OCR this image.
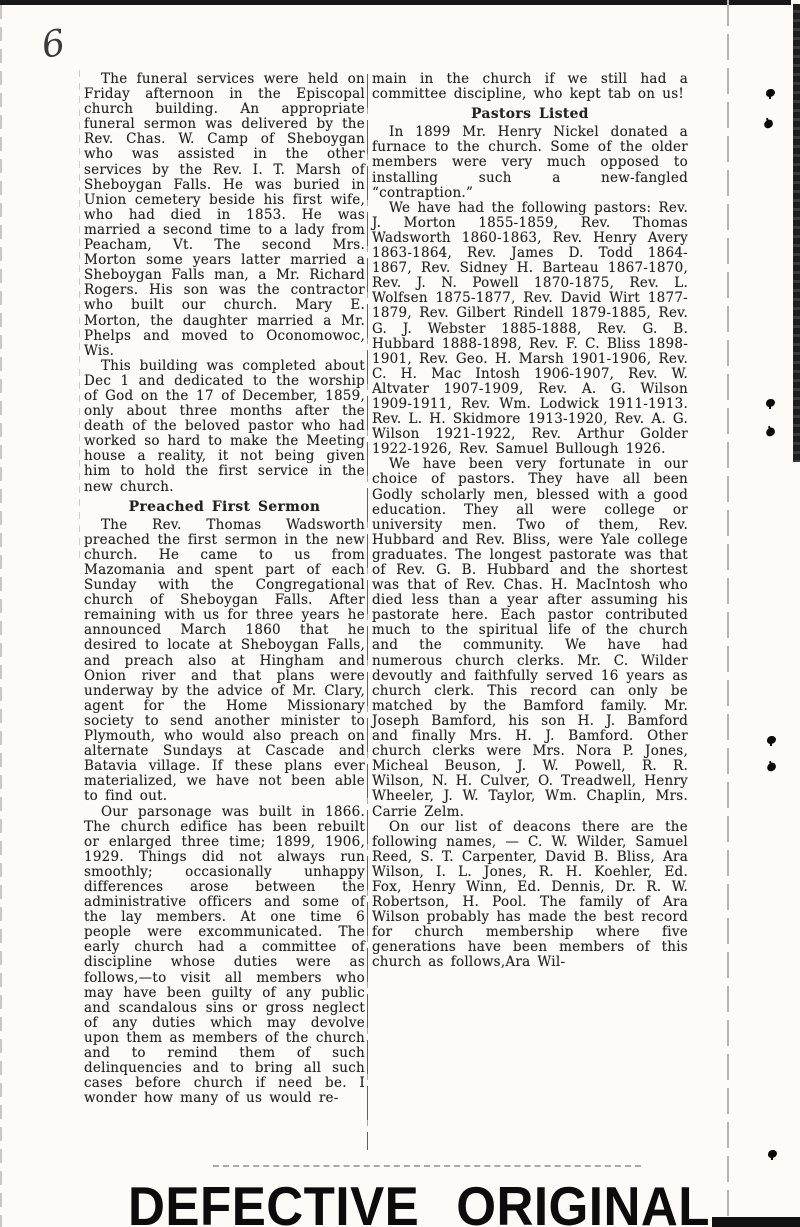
6

The funeral services were held on Friday afternoon in the Episcopal church building. An appropriate funeral sermon was delivered by the Rev. Chas. W. Camp of Sheboygan who was assisted in the other services by the Rev. I. T. Marsh of Sheboygan Falls. He was buried in Union cemetery beside his first wife, who had died in 1853. He was married a second time to a lady from Peacham, Vt. The second Mrs. Morton some years latter married a Sheboygan Falls man, a Mr. Richard Rogers. His son was the contractor who built our church. Mary E. Morton, the daughter married a Mr. Phelps and moved to Oconomowoc, Wis.

This building was completed about Dec 1 and dedicated to the worship of God on the 17 of December, 1859, only about three months after the death of the beloved pastor who had worked so hard to make the Meeting house a reality, it not being given him to hold the first service in the new church.

Preached First Sermon

The Rev. Thomas Wadsworth preached the first sermon in the new church. He came to us from Mazomania and spent part of each Sunday with the Congregational church of Sheboygan Falls. After remaining with us for three years he announced March 1860 that he desired to locate at Sheboygan Falls, and preach also at Hingham and Onion river and that plans were underway by the advice of Mr. Clary, agent for the Home Missionary society to send another minister to Plymouth, who would also preach on alternate Sundays at Cascade and Batavia village. If these plans ever materialized, we have not been able to find out.

Our parsonage was built in 1866. The church edifice has been rebuilt or enlarged three time; 1899, 1906, 1929. Things did not always run smoothly; occasionally unhappy differences arose between the administrative officers and some of the lay members. At one time 6 people were excommunicated. The early church had a committee of discipline whose duties were as follows,—to visit all members who may have been guilty of any public and scandalous sins or gross neglect of any duties which may devolve upon them as members of the church and to remind them of such delinquencies and to bring all such cases before church if need be. I wonder how many of us would re-

main in the church if we still had a committee discipline, who kept tab on us!

Pastors Listed

In 1899 Mr. Henry Nickel donated a furnace to the church. Some of the older members were very much opposed to installing such a new-fangled “contraption.”

We have had the following pastors: Rev. J. Morton 1855-1859, Rev. Thomas Wadsworth 1860-1863, Rev. Henry Avery 1863-1864, Rev. James D. Todd 1864-1867, Rev. Sidney H. Barteau 1867-1870, Rev. J. N. Powell 1870-1875, Rev. L. Wolfsen 1875-1877, Rev. David Wirt 1877-1879, Rev. Gilbert Rindell 1879-1885, Rev. G. J. Webster 1885-1888, Rev. G. B. Hubbard 1888-1898, Rev. F. C. Bliss 1898-1901, Rev. Geo. H. Marsh 1901-1906, Rev. C. H. Mac Intosh 1906-1907, Rev. W. Altvater 1907-1909, Rev. A. G. Wilson 1909-1911, Rev. Wm. Lodwick 1911-1913. Rev. L. H. Skidmore 1913-1920, Rev. A. G. Wilson 1921-1922, Rev. Arthur Golder 1922-1926, Rev. Samuel Bullough 1926.

We have been very fortunate in our choice of pastors. They have all been Godly scholarly men, blessed with a good education. They all were college or university men. Two of them, Rev. Hubbard and Rev. Bliss, were Yale college graduates. The longest pastorate was that of Rev. G. B. Hubbard and the shortest was that of Rev. Chas. H. MacIntosh who died less than a year after assuming his pastorate here. Each pastor contributed much to the spiritual life of the church and the community. We have had numerous church clerks. Mr. C. Wilder devoutly and faithfully served 16 years as church clerk. This record can only be matched by the Bamford family. Mr. Joseph Bamford, his son H. J. Bamford and finally Mrs. H. J. Bamford. Other church clerks were Mrs. Nora P. Jones, Micheal Beuson, J. W. Powell, R. R. Wilson, N. H. Culver, O. Treadwell, Henry Wheeler, J. W. Taylor, Wm. Chaplin, Mrs. Carrie Zelm.

On our list of deacons there are the following names, — C. W. Wilder, Samuel Reed, S. T. Carpenter, David B. Bliss, Ara Wilson, I. L. Jones, R. H. Koehler, Ed. Fox, Henry Winn, Ed. Dennis, Dr. R. W. Robertson, H. Pool. The family of Ara Wilson probably has made the best record for church membership where five generations have been members of this church as follows,Ara Wil-

DEFECTIVE ORIGINAL
